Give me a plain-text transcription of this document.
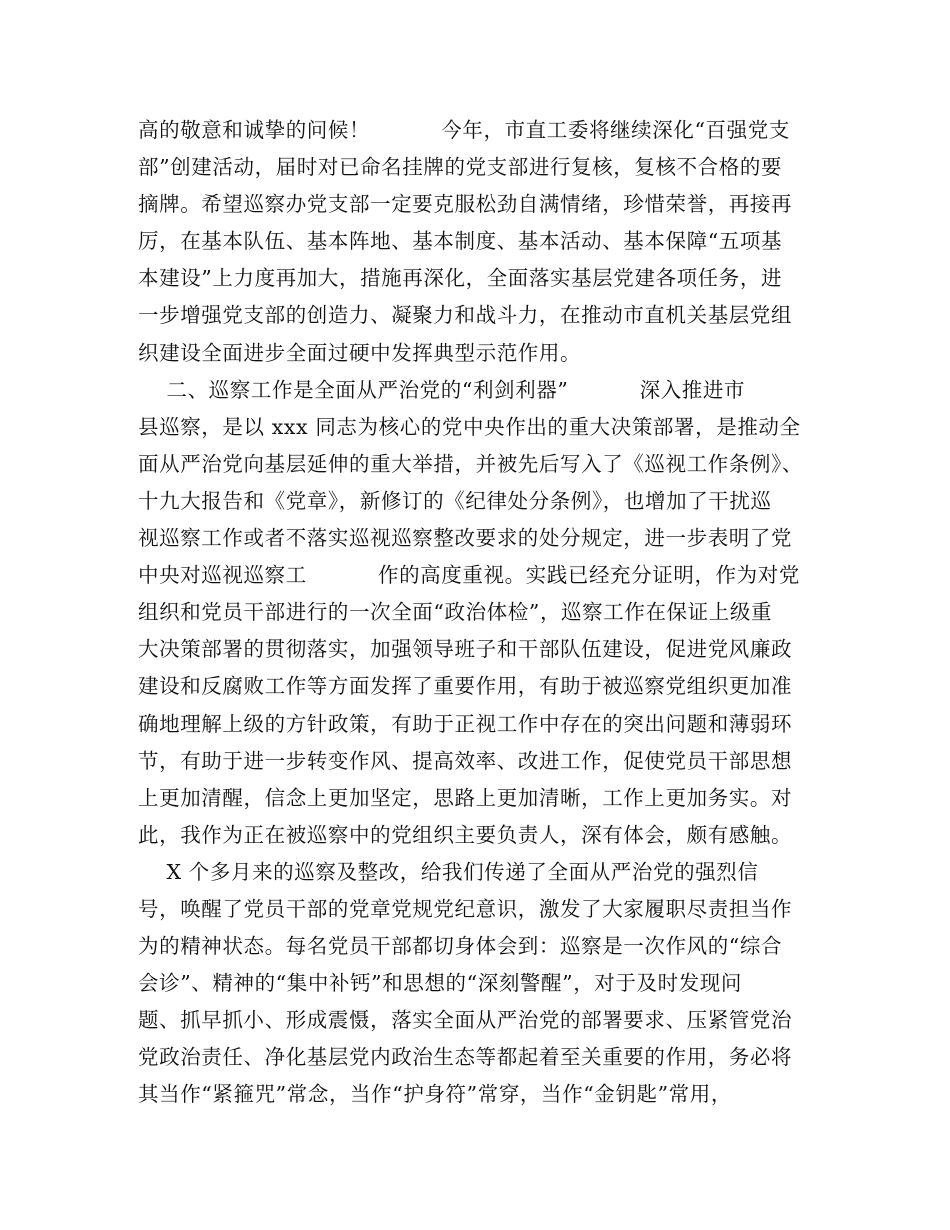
高的敬意和诚挚的问候！          今年，市直工委将继续深化“百强党支
部”创建活动，届时对已命名挂牌的党支部进行复核，复核不合格的要
摘牌。希望巡察办党支部一定要克服松劲自满情绪，珍惜荣誉，再接再
厉，在基本队伍、基本阵地、基本制度、基本活动、基本保障“五项基
本建设”上力度再加大，措施再深化，全面落实基层党建各项任务，进
一步增强党支部的创造力、凝聚力和战斗力，在推动市直机关基层党组
织建设全面进步全面过硬中发挥典型示范作用。
二、巡察工作是全面从严治党的“利剑利器”          深入推进市
县巡察，是以 xxx 同志为核心的党中央作出的重大决策部署，是推动全
面从严治党向基层延伸的重大举措，并被先后写入了《巡视工作条例》、
十九大报告和《党章》，新修订的《纪律处分条例》，也增加了干扰巡
视巡察工作或者不落实巡视巡察整改要求的处分规定，进一步表明了党
中央对巡视巡察工          作的高度重视。实践已经充分证明，作为对党
组织和党员干部进行的一次全面“政治体检”，巡察工作在保证上级重
大决策部署的贯彻落实，加强领导班子和干部队伍建设，促进党风廉政
建设和反腐败工作等方面发挥了重要作用，有助于被巡察党组织更加准
确地理解上级的方针政策，有助于正视工作中存在的突出问题和薄弱环
节，有助于进一步转变作风、提高效率、改进工作，促使党员干部思想
上更加清醒，信念上更加坚定，思路上更加清晰，工作上更加务实。对
此，我作为正在被巡察中的党组织主要负责人，深有体会，颇有感触。
X 个多月来的巡察及整改，给我们传递了全面从严治党的强烈信
号，唤醒了党员干部的党章党规党纪意识，激发了大家履职尽责担当作
为的精神状态。每名党员干部都切身体会到：巡察是一次作风的“综合
会诊”、精神的“集中补钙”和思想的“深刻警醒”，对于及时发现问
题、抓早抓小、形成震慑，落实全面从严治党的部署要求、压紧管党治
党政治责任、净化基层党内政治生态等都起着至关重要的作用，务必将
其当作“紧箍咒”常念，当作“护身符”常穿，当作“金钥匙”常用，
